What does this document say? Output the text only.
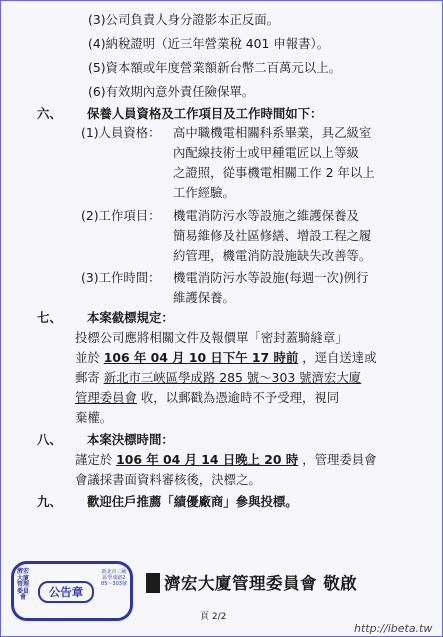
(3)公司負責人身分證影本正反面。
(4)納稅證明（近三年營業稅 401 申報書）。
(5)資本額或年度營業額新台幣二百萬元以上。
(6)有效期內意外責任險保單。
六、 保養人員資格及工作項目及工作時間如下：
(1)人員資格： 高中職機電相關科系畢業，具乙級室
內配線技術士或甲種電匠以上等級
之證照，從事機電相關工作 2 年以上
工作經驗。
(2)工作項目： 機電消防污水等設施之維護保養及
簡易維修及社區修繕、增設工程之履
約管理，機電消防設施缺失改善等。
(3)工作時間： 機電消防污水等設施(每週一次)例行
維護保養。
七、 本案截標規定：
投標公司應將相關文件及報價單「密封蓋騎縫章」
並於 106 年 04 月 10 日下午 17 時前 ，逕自送達或
郵寄 新北市三峽區學成路 285 號～303 號濟宏大廈
管理委員會 收，以郵戳為憑逾時不予受理，視同
棄權。
八、 本案決標時間：
謹定於 106 年 04 月 14 日晚上 20 時 ，管理委員會
會議採書面資料審核後，決標之。
九、 歡迎住戶推薦「績優廠商」參與投標。
濟宏大廈管理委員會	公告章
新北市三峽區學成路285～303號 濟宏大廈管理委員會 敬啟
頁 2/2
http://ibeta.tw
